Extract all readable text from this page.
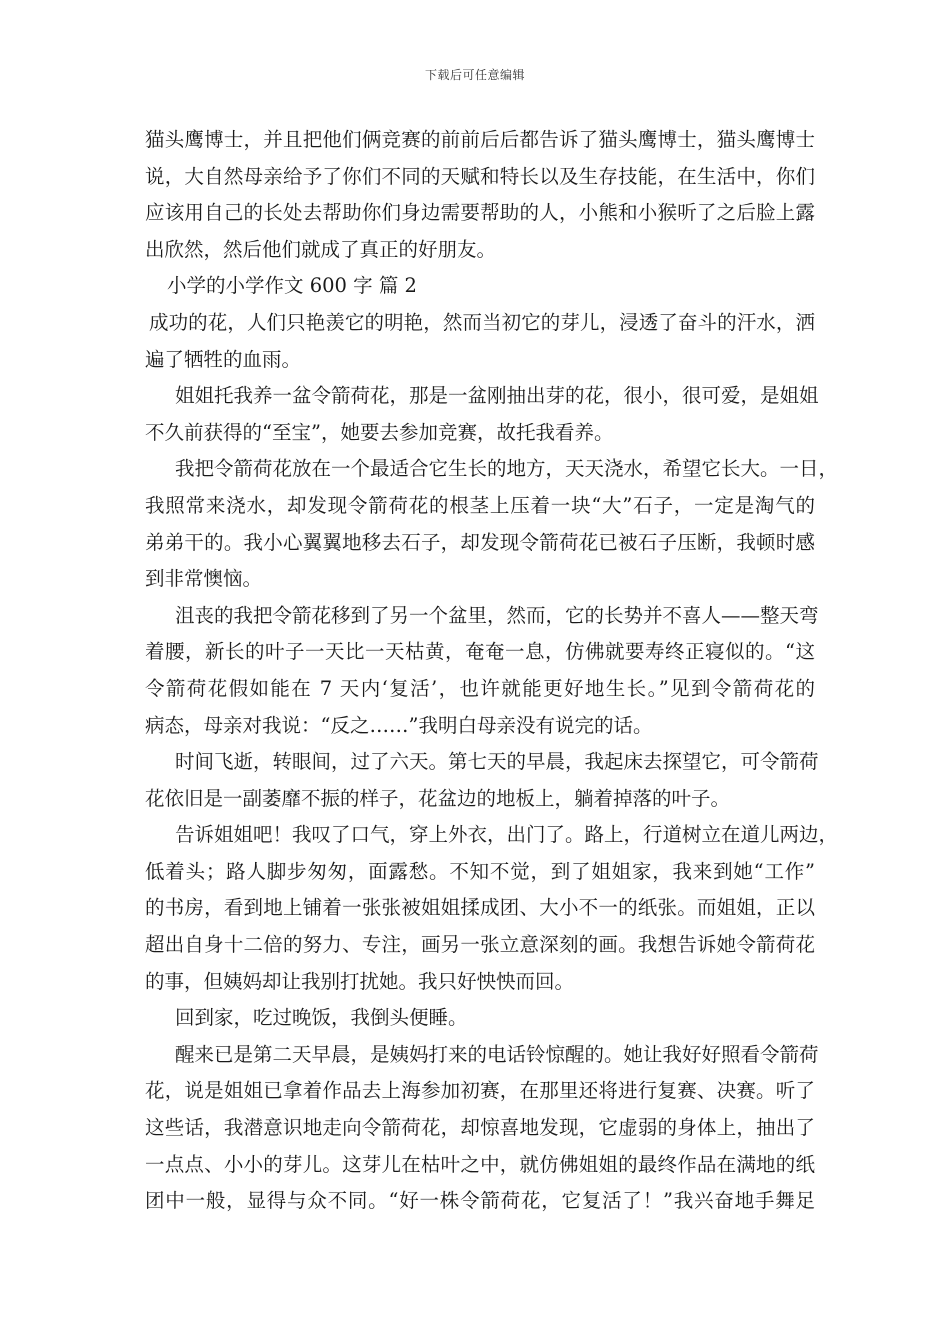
下载后可任意编辑
猫头鹰博士，并且把他们俩竞赛的前前后后都告诉了猫头鹰博士，猫头鹰博士
说，大自然母亲给予了你们不同的天赋和特长以及生存技能，在生活中，你们
应该用自己的长处去帮助你们身边需要帮助的人，小熊和小猴听了之后脸上露
出欣然，然后他们就成了真正的好朋友。
小学的小学作文 600 字 篇 2
成功的花，人们只艳羡它的明艳，然而当初它的芽儿，浸透了奋斗的汗水，洒
遍了牺牲的血雨。
姐姐托我养一盆令箭荷花，那是一盆刚抽出芽的花，很小，很可爱，是姐姐
不久前获得的“至宝”，她要去参加竞赛，故托我看养。
我把令箭荷花放在一个最适合它生长的地方，天天浇水，希望它长大。一日，
我照常来浇水，却发现令箭荷花的根茎上压着一块“大”石子，一定是淘气的
弟弟干的。我小心翼翼地移去石子，却发现令箭荷花已被石子压断，我顿时感
到非常懊恼。
沮丧的我把令箭花移到了另一个盆里，然而，它的长势并不喜人——整天弯
着腰，新长的叶子一天比一天枯黄，奄奄一息，仿佛就要寿终正寝似的。“这
令箭荷花假如能在 7 天内‘复活’，也许就能更好地生长。”见到令箭荷花的
病态，母亲对我说：“反之……”我明白母亲没有说完的话。
时间飞逝，转眼间，过了六天。第七天的早晨，我起床去探望它，可令箭荷
花依旧是一副萎靡不振的样子，花盆边的地板上，躺着掉落的叶子。
告诉姐姐吧！我叹了口气，穿上外衣，出门了。路上，行道树立在道儿两边，
低着头；路人脚步匆匆，面露愁。不知不觉，到了姐姐家，我来到她“工作”
的书房，看到地上铺着一张张被姐姐揉成团、大小不一的纸张。而姐姐，正以
超出自身十二倍的努力、专注，画另一张立意深刻的画。我想告诉她令箭荷花
的事，但姨妈却让我别打扰她。我只好怏怏而回。
回到家，吃过晚饭，我倒头便睡。
醒来已是第二天早晨，是姨妈打来的电话铃惊醒的。她让我好好照看令箭荷
花，说是姐姐已拿着作品去上海参加初赛，在那里还将进行复赛、决赛。听了
这些话，我潜意识地走向令箭荷花，却惊喜地发现，它虚弱的身体上，抽出了
一点点、小小的芽儿。这芽儿在枯叶之中，就仿佛姐姐的最终作品在满地的纸
团中一般，显得与众不同。“好一株令箭荷花，它复活了！”我兴奋地手舞足
